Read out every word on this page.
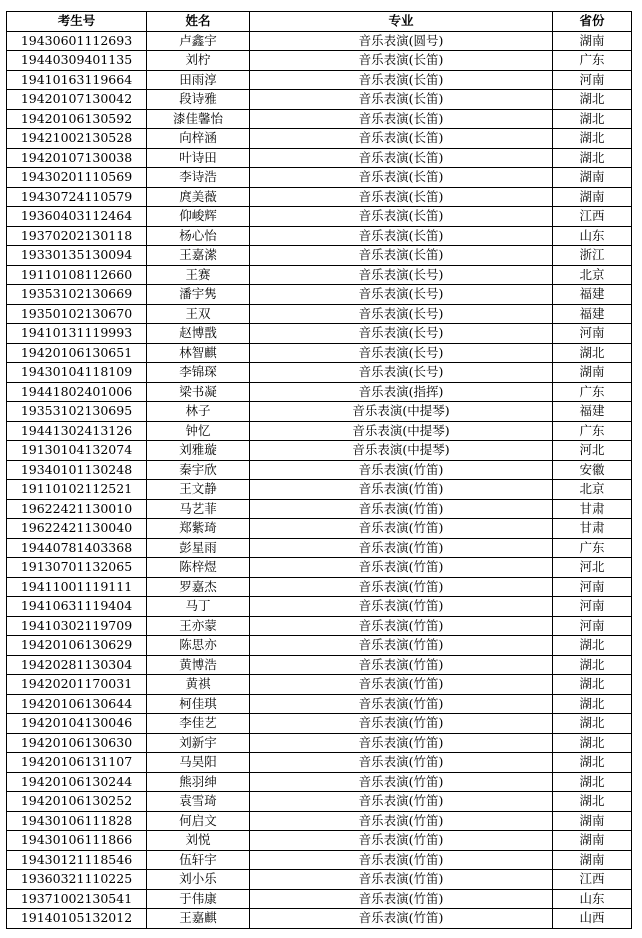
考生号	姓名	专业	省份
19430601112693	卢鑫宇	音乐表演(圆号)	湖南
19440309401135	刘柠	音乐表演(长笛)	广东
19410163119664	田雨淳	音乐表演(长笛)	河南
19420107130042	段诗雅	音乐表演(长笛)	湖北
19420106130592	漆佳馨怡	音乐表演(长笛)	湖北
19421002130528	向梓涵	音乐表演(长笛)	湖北
19420107130038	叶诗田	音乐表演(长笛)	湖北
19430201110569	李诗浩	音乐表演(长笛)	湖南
19430724110579	庹美薇	音乐表演(长笛)	湖南
19360403112464	仰峻辉	音乐表演(长笛)	江西
19370202130118	杨心怡	音乐表演(长笛)	山东
19330135130094	王嘉潆	音乐表演(长笛)	浙江
19110108112660	王赛	音乐表演(长号)	北京
19353102130669	潘宇隽	音乐表演(长号)	福建
19350102130670	王双	音乐表演(长号)	福建
19410131119993	赵博戬	音乐表演(长号)	河南
19420106130651	林智麒	音乐表演(长号)	湖北
19430104118109	李锦琛	音乐表演(长号)	湖南
19441802401006	梁书凝	音乐表演(指挥)	广东
19353102130695	林子	音乐表演(中提琴)	福建
19441302413126	钟忆	音乐表演(中提琴)	广东
19130104132074	刘雅璇	音乐表演(中提琴)	河北
19340101130248	秦宇欣	音乐表演(竹笛)	安徽
19110102112521	王文静	音乐表演(竹笛)	北京
19622421130010	马艺菲	音乐表演(竹笛)	甘肃
19622421130040	郑紫琦	音乐表演(竹笛)	甘肃
19440781403368	彭星雨	音乐表演(竹笛)	广东
19130701132065	陈梓煜	音乐表演(竹笛)	河北
19411001119111	罗嘉杰	音乐表演(竹笛)	河南
19410631119404	马丁	音乐表演(竹笛)	河南
19410302119709	王亦蒙	音乐表演(竹笛)	河南
19420106130629	陈思亦	音乐表演(竹笛)	湖北
19420281130304	黄博浩	音乐表演(竹笛)	湖北
19420201170031	黄祺	音乐表演(竹笛)	湖北
19420106130644	柯佳琪	音乐表演(竹笛)	湖北
19420104130046	李佳艺	音乐表演(竹笛)	湖北
19420106130630	刘新宇	音乐表演(竹笛)	湖北
19420106131107	马昊阳	音乐表演(竹笛)	湖北
19420106130244	熊羽绅	音乐表演(竹笛)	湖北
19420106130252	袁雪琦	音乐表演(竹笛)	湖北
19430106111828	何启文	音乐表演(竹笛)	湖南
19430106111866	刘悦	音乐表演(竹笛)	湖南
19430121118546	伍轩宇	音乐表演(竹笛)	湖南
19360321110225	刘小乐	音乐表演(竹笛)	江西
19371002130541	于伟康	音乐表演(竹笛)	山东
19140105132012	王嘉麒	音乐表演(竹笛)	山西
